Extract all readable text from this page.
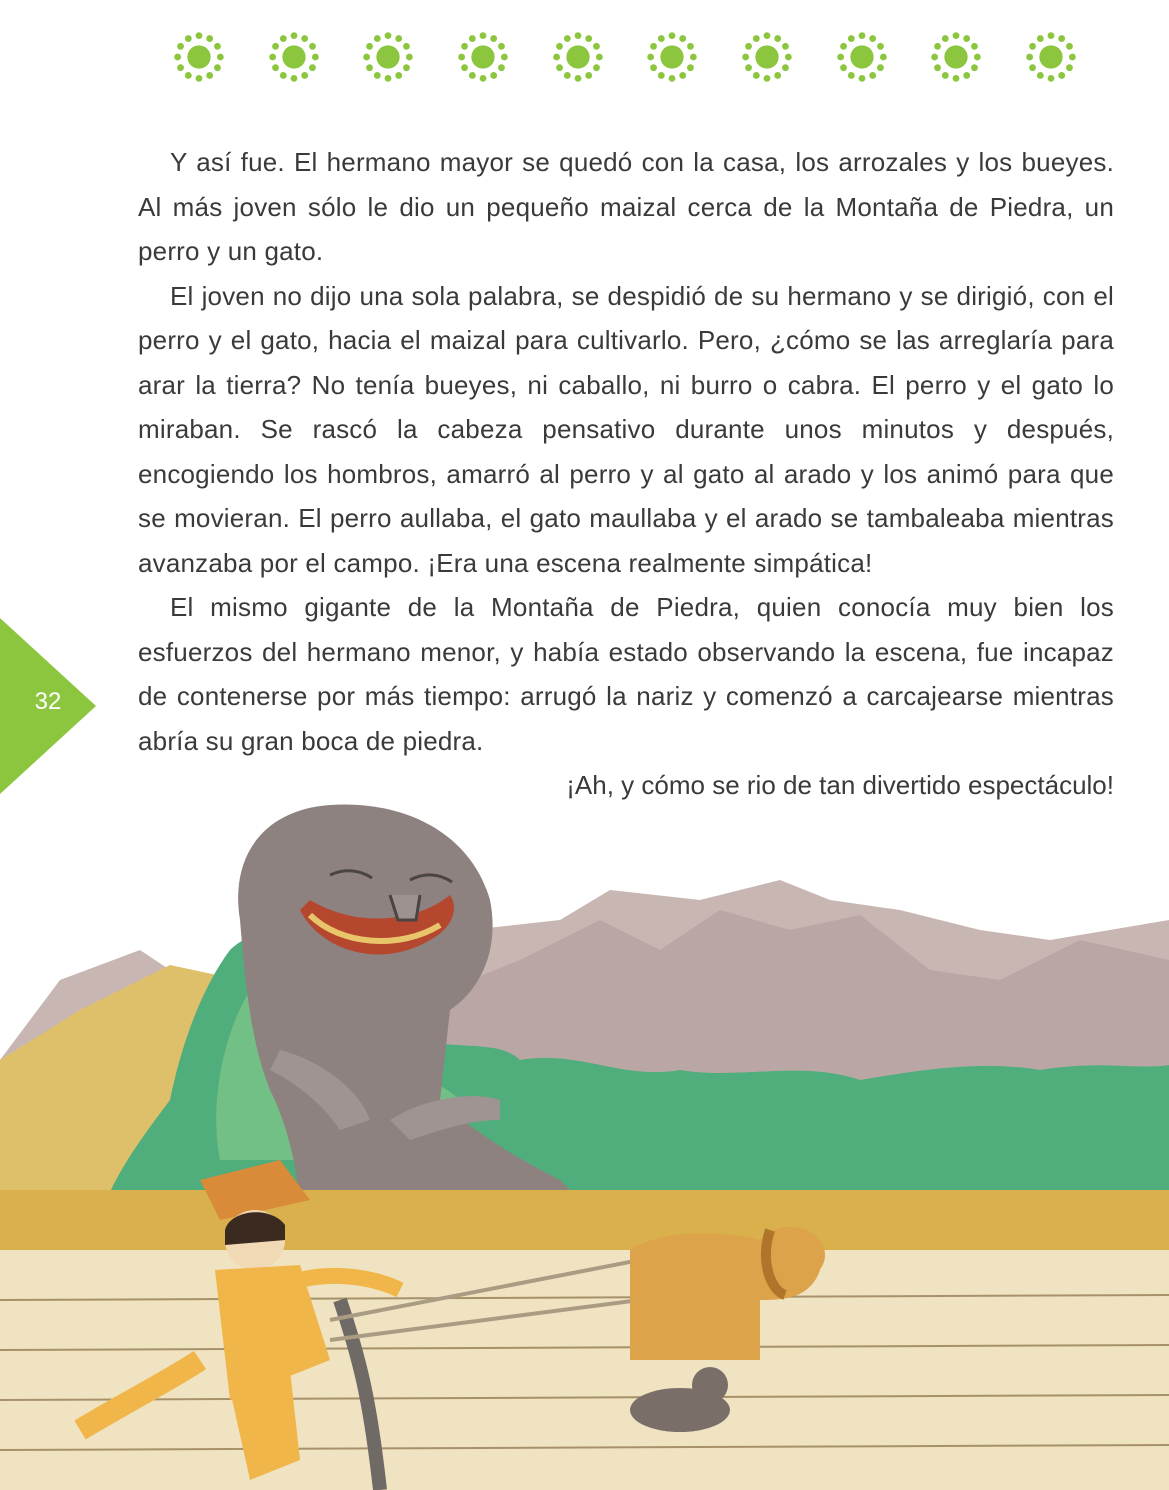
Y así fue. El hermano mayor se quedó con la casa, los arrozales y los bueyes. Al más joven sólo le dio un pequeño maizal cerca de la Montaña de Piedra, un perro y un gato.

El joven no dijo una sola palabra, se despidió de su hermano y se dirigió, con el perro y el gato, hacia el maizal para cultivarlo. Pero, ¿cómo se las arreglaría para arar la tierra? No tenía bueyes, ni caballo, ni burro o cabra. El perro y el gato lo miraban. Se rascó la cabeza pensativo durante unos minutos y después, encogiendo los hombros, amarró al perro y al gato al arado y los animó para que se movieran. El perro aullaba, el gato maullaba y el arado se tambaleaba mientras avanzaba por el campo. ¡Era una escena realmente simpática!

El mismo gigante de la Montaña de Piedra, quien conocía muy bien los esfuerzos del hermano menor, y había estado observando la escena, fue incapaz de contenerse por más tiempo: arrugó la nariz y comenzó a carcajearse mientras abría su gran boca de piedra.

¡Ah, y cómo se rio de tan divertido espectáculo!

32
